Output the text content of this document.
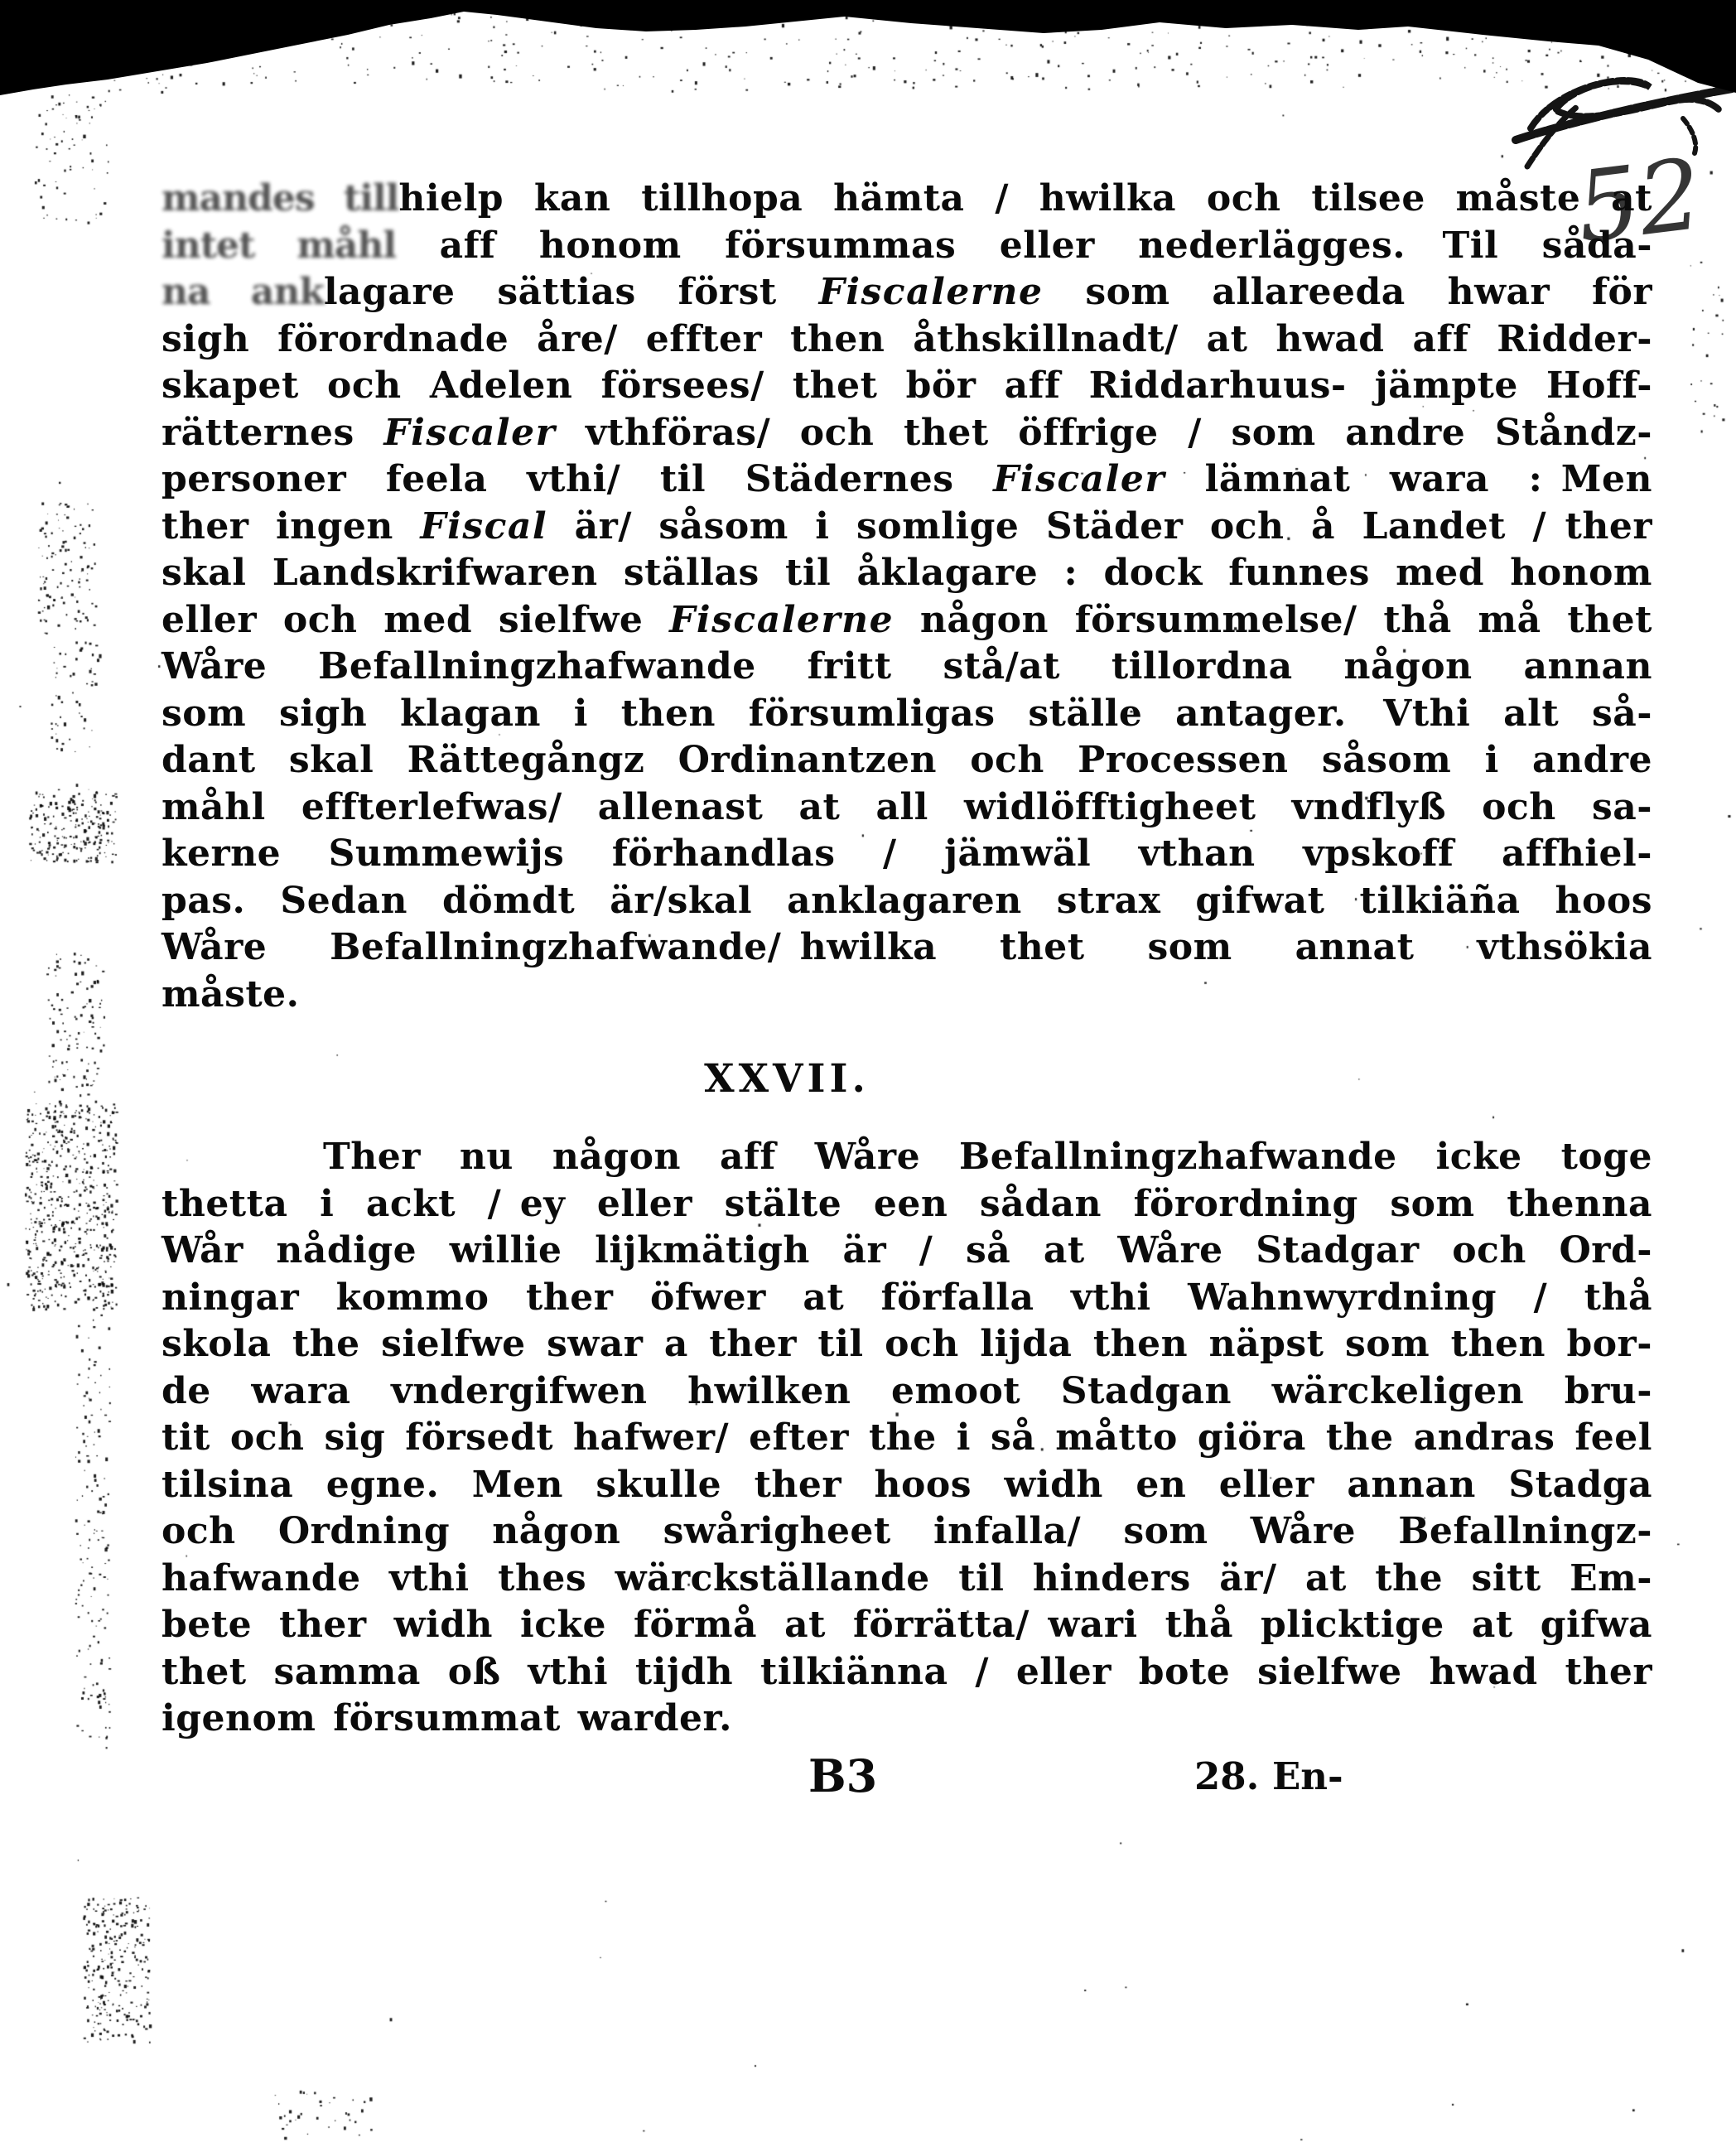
52
mandes tillhielp kan tillhopa hämta / hwilka och tilsee måste at
intet måhl aff honom försummas eller nederlägges. Til såda-
na anklagare sättias först Fiscalerne som allareeda hwar för
sigh förordnade åre/ effter then åthskillnadt/ at hwad aff Ridder-
skapet och Adelen försees/ thet bör aff Riddarhuus- jämpte Hoff-
rätternes Fiscaler vthföras/ och thet öffrige / som andre Ståndz-
personer feela vthi/ til Städernes Fiscaler lämnat wara : Men
ther ingen Fiscal är/ såsom i somlige Städer och å Landet / ther
skal Landskrifwaren ställas til åklagare : dock funnes med honom
eller och med sielfwe Fiscalerne någon försummelse/ thå må thet
Wåre Befallningzhafwande fritt stå/at tillordna någon annan
som sigh klagan i then försumligas ställe antager. Vthi alt så-
dant skal Rättegångz Ordinantzen och Processen såsom i andre
måhl effterlefwas/ allenast at all widlöfftigheet vndflyß och sa-
kerne Summewijs förhandlas / jämwäl vthan vpskoff affhiel-
pas. Sedan dömdt är/skal anklagaren strax gifwat tilkiäña hoos
Wåre Befallningzhafwande/ hwilka thet som annat vthsökia
måste.
XXVII.
Ther nu någon aff Wåre Befallningzhafwande icke toge
thetta i ackt / ey eller stälte een sådan förordning som thenna
Wår nådige willie lijkmätigh är / så at Wåre Stadgar och Ord-
ningar kommo ther öfwer at förfalla vthi Wahnwyrdning / thå
skola the sielfwe swar a ther til och lijda then näpst som then bor-
de wara vndergifwen hwilken emoot Stadgan wärckeligen bru-
tit och sig försedt hafwer/ efter the i så måtto giöra the andras feel
tilsina egne. Men skulle ther hoos widh en eller annan Stadga
och Ordning någon swårigheet infalla/ som Wåre Befallningz-
hafwande vthi thes wärckställande til hinders är/ at the sitt Em-
bete ther widh icke förmå at förrätta/ wari thå plicktige at gifwa
thet samma oß vthi tijdh tilkiänna / eller bote sielfwe hwad ther
igenom försummat warder.
B3	28. En-
